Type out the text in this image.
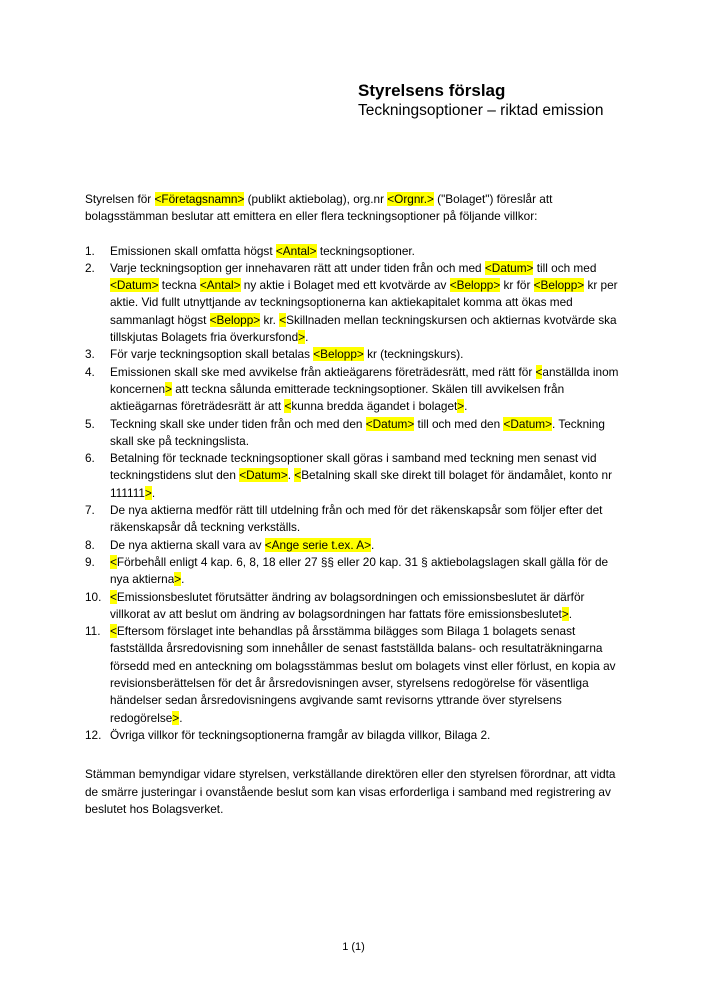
Styrelsens förslag
Teckningsoptioner – riktad emission

Styrelsen för <Företagsnamn> (publikt aktiebolag), org.nr <Orgnr.> ("Bolaget") föreslår att bolagsstämman beslutar att emittera en eller flera teckningsoptioner på följande villkor:

1.	Emissionen skall omfatta högst <Antal> teckningsoptioner.
2.	Varje teckningsoption ger innehavaren rätt att under tiden från och med <Datum> till och med <Datum> teckna <Antal> ny aktie i Bolaget med ett kvotvärde av <Belopp> kr för <Belopp> kr per aktie. Vid fullt utnyttjande av teckningsoptionerna kan aktiekapitalet komma att ökas med sammanlagt högst <Belopp> kr. <Skillnaden mellan teckningskursen och aktiernas kvotvärde ska tillskjutas Bolagets fria överkursfond>.
3.	För varje teckningsoption skall betalas <Belopp> kr (teckningskurs).
4.	Emissionen skall ske med avvikelse från aktieägarens företrädesrätt, med rätt för <anställda inom koncernen> att teckna sålunda emitterade teckningsoptioner. Skälen till avvikelsen från aktieägarnas företrädesrätt är att <kunna bredda ägandet i bolaget>.
5.	Teckning skall ske under tiden från och med den <Datum> till och med den <Datum>. Teckning skall ske på teckningslista.
6.	Betalning för tecknade teckningsoptioner skall göras i samband med teckning men senast vid teckningstidens slut den <Datum>. <Betalning skall ske direkt till bolaget för ändamålet, konto nr 111111>.
7.	De nya aktierna medför rätt till utdelning från och med för det räkenskapsår som följer efter det räkenskapsår då teckning verkställs.
8.	De nya aktierna skall vara av <Ange serie t.ex. A>.
9.	<Förbehåll enligt 4 kap. 6, 8, 18 eller 27 §§ eller 20 kap. 31 § aktiebolagslagen skall gälla för de nya aktierna>.
10. <Emissionsbeslutet förutsätter ändring av bolagsordningen och emissionsbeslutet är därför villkorat av att beslut om ändring av bolagsordningen har fattats före emissionsbeslutet>.
11. <Eftersom förslaget inte behandlas på årsstämma bilägges som Bilaga 1 bolagets senast fastställda årsredovisning som innehåller de senast fastställda balans- och resultaträkningarna försedd med en anteckning om bolagsstämmas beslut om bolagets vinst eller förlust, en kopia av revisionsberättelsen för det år årsredovisningen avser, styrelsens redogörelse för väsentliga händelser sedan årsredovisningens avgivande samt revisorns yttrande över styrelsens redogörelse>.
12. Övriga villkor för teckningsoptionerna framgår av bilagda villkor, Bilaga 2.

Stämman bemyndigar vidare styrelsen, verkställande direktören eller den styrelsen förordnar, att vidta de smärre justeringar i ovanstående beslut som kan visas erforderliga i samband med registrering av beslutet hos Bolagsverket.

1 (1)
